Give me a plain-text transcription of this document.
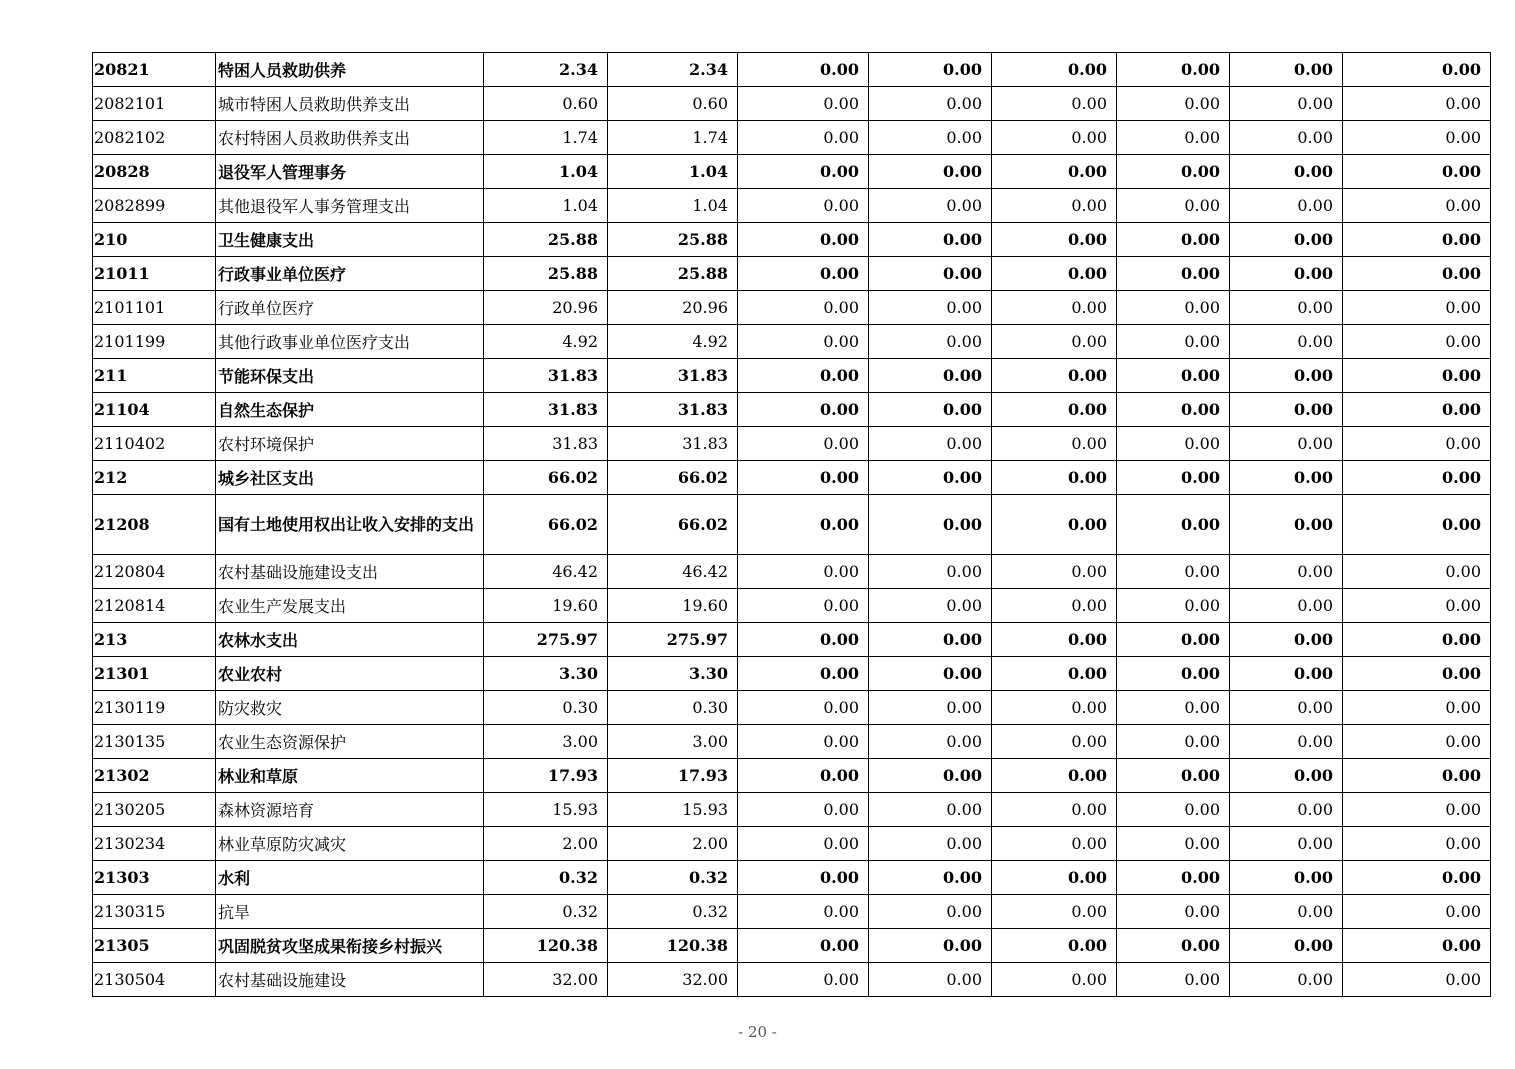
20821	特困人员救助供养	2.34	2.34	0.00	0.00	0.00	0.00	0.00	0.00
2082101	城市特困人员救助供养支出	0.60	0.60	0.00	0.00	0.00	0.00	0.00	0.00
2082102	农村特困人员救助供养支出	1.74	1.74	0.00	0.00	0.00	0.00	0.00	0.00
20828	退役军人管理事务	1.04	1.04	0.00	0.00	0.00	0.00	0.00	0.00
2082899	其他退役军人事务管理支出	1.04	1.04	0.00	0.00	0.00	0.00	0.00	0.00
210	卫生健康支出	25.88	25.88	0.00	0.00	0.00	0.00	0.00	0.00
21011	行政事业单位医疗	25.88	25.88	0.00	0.00	0.00	0.00	0.00	0.00
2101101	行政单位医疗	20.96	20.96	0.00	0.00	0.00	0.00	0.00	0.00
2101199	其他行政事业单位医疗支出	4.92	4.92	0.00	0.00	0.00	0.00	0.00	0.00
211	节能环保支出	31.83	31.83	0.00	0.00	0.00	0.00	0.00	0.00
21104	自然生态保护	31.83	31.83	0.00	0.00	0.00	0.00	0.00	0.00
2110402	农村环境保护	31.83	31.83	0.00	0.00	0.00	0.00	0.00	0.00
212	城乡社区支出	66.02	66.02	0.00	0.00	0.00	0.00	0.00	0.00
21208	国有土地使用权出让收入安排的支出	66.02	66.02	0.00	0.00	0.00	0.00	0.00	0.00
2120804	农村基础设施建设支出	46.42	46.42	0.00	0.00	0.00	0.00	0.00	0.00
2120814	农业生产发展支出	19.60	19.60	0.00	0.00	0.00	0.00	0.00	0.00
213	农林水支出	275.97	275.97	0.00	0.00	0.00	0.00	0.00	0.00
21301	农业农村	3.30	3.30	0.00	0.00	0.00	0.00	0.00	0.00
2130119	防灾救灾	0.30	0.30	0.00	0.00	0.00	0.00	0.00	0.00
2130135	农业生态资源保护	3.00	3.00	0.00	0.00	0.00	0.00	0.00	0.00
21302	林业和草原	17.93	17.93	0.00	0.00	0.00	0.00	0.00	0.00
2130205	森林资源培育	15.93	15.93	0.00	0.00	0.00	0.00	0.00	0.00
2130234	林业草原防灾减灾	2.00	2.00	0.00	0.00	0.00	0.00	0.00	0.00
21303	水利	0.32	0.32	0.00	0.00	0.00	0.00	0.00	0.00
2130315	抗旱	0.32	0.32	0.00	0.00	0.00	0.00	0.00	0.00
21305	巩固脱贫攻坚成果衔接乡村振兴	120.38	120.38	0.00	0.00	0.00	0.00	0.00	0.00
2130504	农村基础设施建设	32.00	32.00	0.00	0.00	0.00	0.00	0.00	0.00
- 20 -
